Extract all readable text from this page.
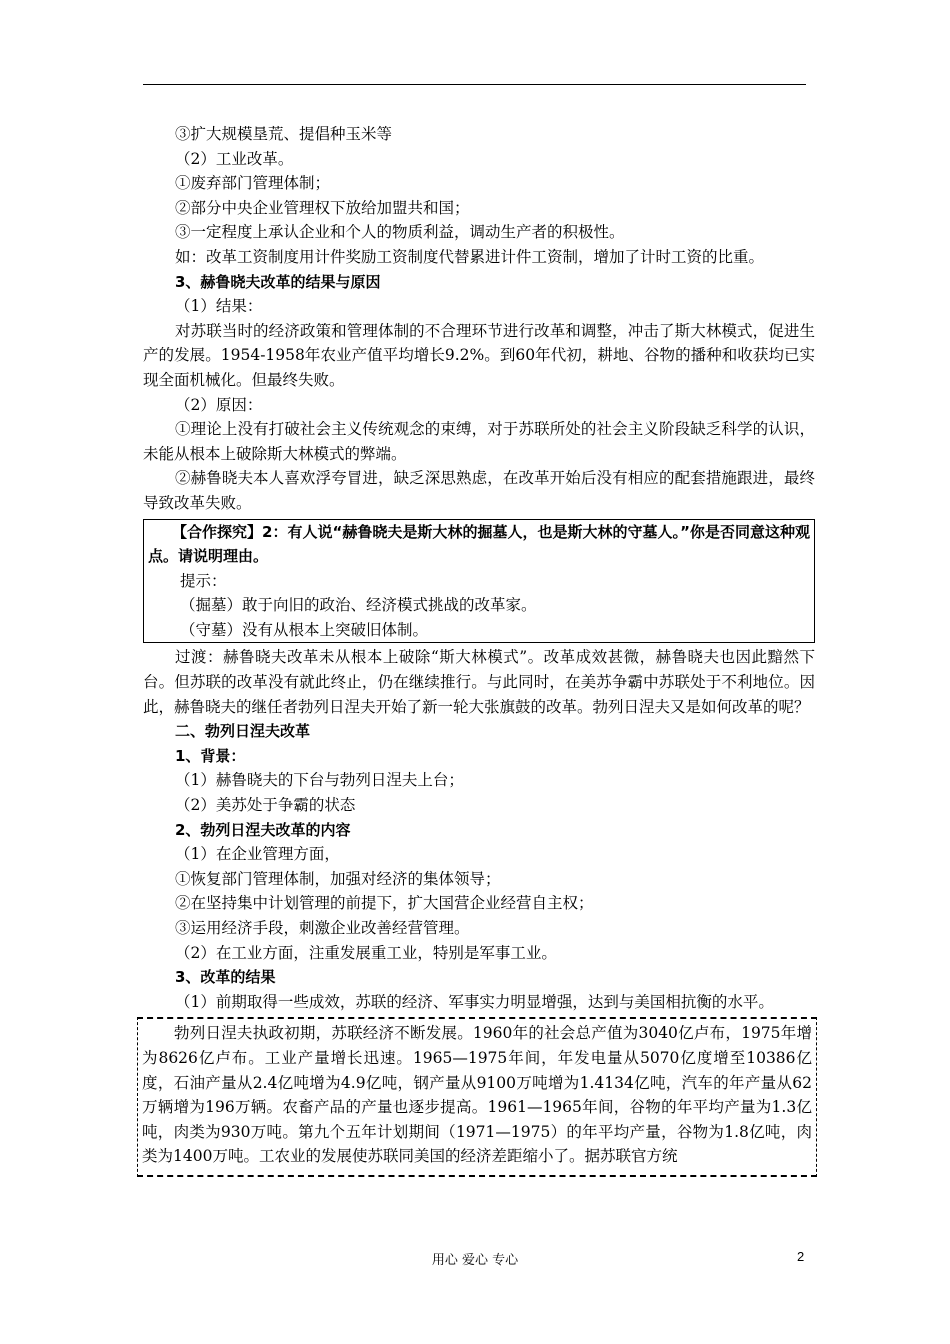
③扩大规模垦荒、提倡种玉米等
（2）工业改革。
①废弃部门管理体制；
②部分中央企业管理权下放给加盟共和国；
③一定程度上承认企业和个人的物质利益，调动生产者的积极性。
如：改革工资制度用计件奖励工资制度代替累进计件工资制，增加了计时工资的比重。
3、赫鲁晓夫改革的结果与原因
（1）结果：
对苏联当时的经济政策和管理体制的不合理环节进行改革和调整，冲击了斯大林模式，促进生产的发展。1954-1958年农业产值平均增长9.2%。到60年代初，耕地、谷物的播种和收获均已实现全面机械化。但最终失败。
（2）原因：
①理论上没有打破社会主义传统观念的束缚，对于苏联所处的社会主义阶段缺乏科学的认识，未能从根本上破除斯大林模式的弊端。
②赫鲁晓夫本人喜欢浮夸冒进，缺乏深思熟虑，在改革开始后没有相应的配套措施跟进，最终导致改革失败。
【合作探究】2：有人说“赫鲁晓夫是斯大林的掘墓人，也是斯大林的守墓人。”你是否同意这种观点。请说明理由。
提示：
（掘墓）敢于向旧的政治、经济模式挑战的改革家。
（守墓）没有从根本上突破旧体制。
过渡：赫鲁晓夫改革未从根本上破除“斯大林模式”。改革成效甚微，赫鲁晓夫也因此黯然下台。但苏联的改革没有就此终止，仍在继续推行。与此同时，在美苏争霸中苏联处于不利地位。因此，赫鲁晓夫的继任者勃列日涅夫开始了新一轮大张旗鼓的改革。勃列日涅夫又是如何改革的呢？
二、勃列日涅夫改革
1、背景：
（1）赫鲁晓夫的下台与勃列日涅夫上台；
（2）美苏处于争霸的状态
2、勃列日涅夫改革的内容
（1）在企业管理方面，
①恢复部门管理体制，加强对经济的集体领导；
②在坚持集中计划管理的前提下，扩大国营企业经营自主权；
③运用经济手段，刺激企业改善经营管理。
（2）在工业方面，注重发展重工业，特别是军事工业。
3、改革的结果
（1）前期取得一些成效，苏联的经济、军事实力明显增强，达到与美国相抗衡的水平。
勃列日涅夫执政初期，苏联经济不断发展。1960年的社会总产值为3040亿卢布，1975年增为8626亿卢布。工业产量增长迅速。1965—1975年间，年发电量从5070亿度增至10386亿度，石油产量从2.4亿吨增为4.9亿吨，钢产量从9100万吨增为1.4134亿吨，汽车的年产量从62万辆增为196万辆。农畜产品的产量也逐步提高。1961—1965年间，谷物的年平均产量为1.3亿吨，肉类为930万吨。第九个五年计划期间（1971—1975）的年平均产量，谷物为1.8亿吨，肉类为1400万吨。工农业的发展使苏联同美国的经济差距缩小了。据苏联官方统
用心 爱心 专心	2
